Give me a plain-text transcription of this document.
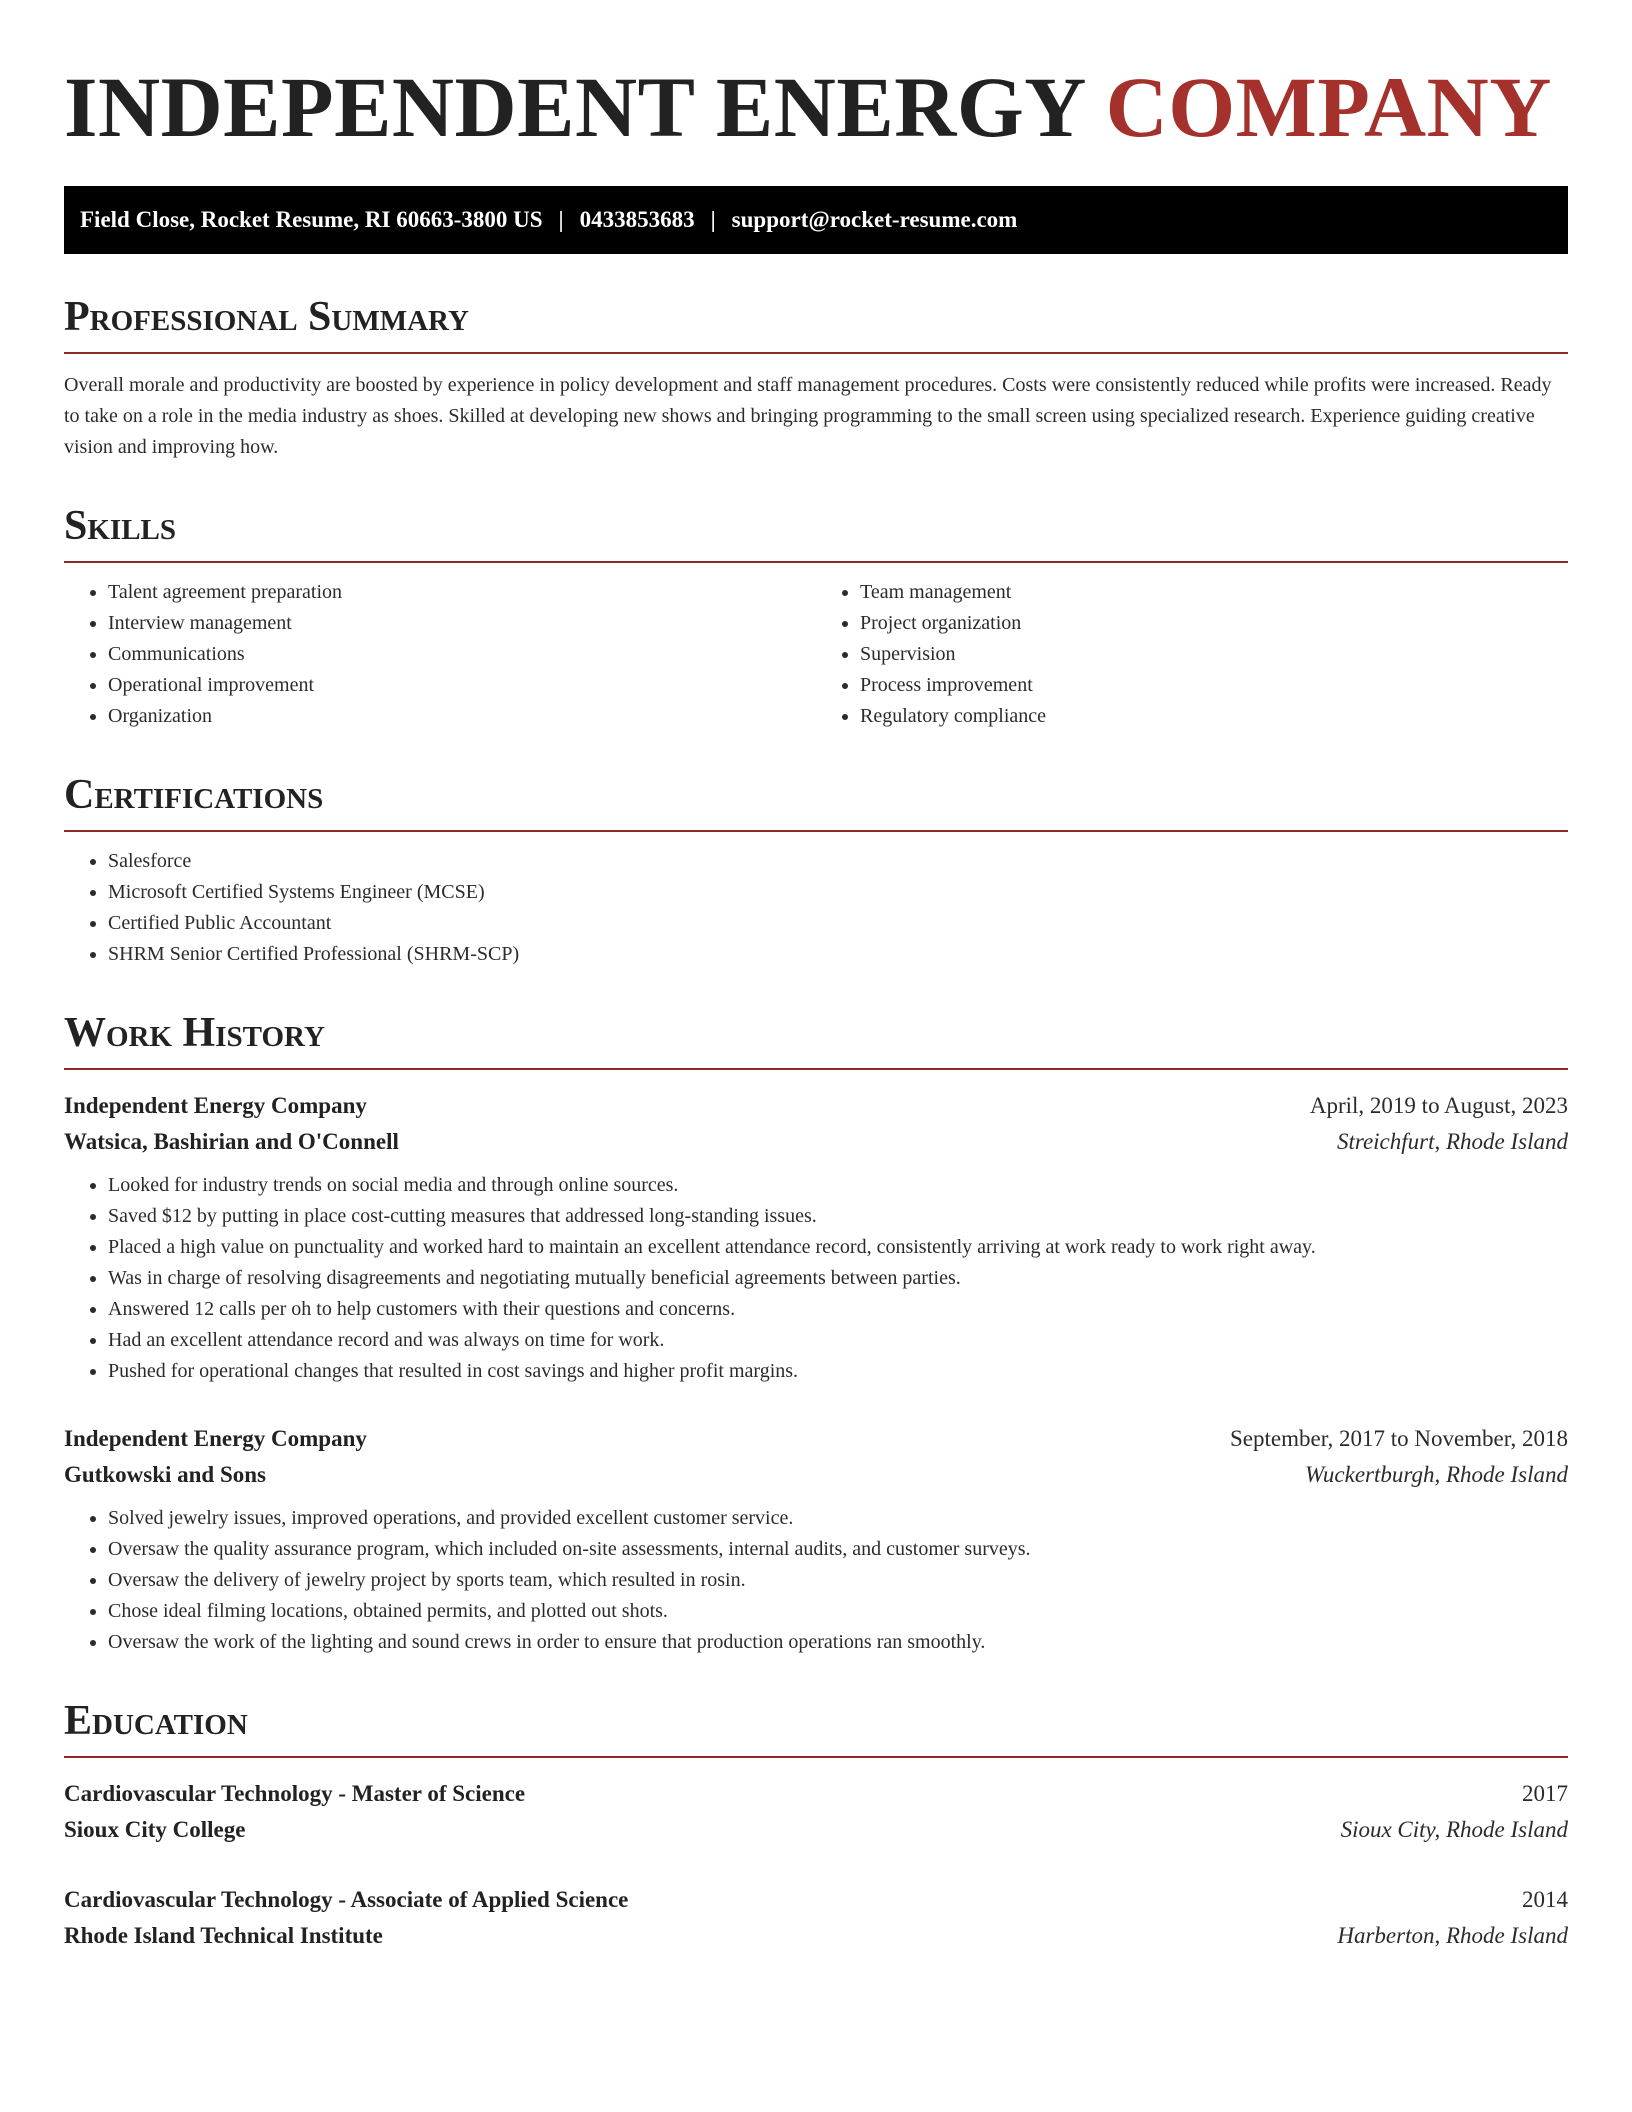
INDEPENDENT ENERGY COMPANY
Field Close, Rocket Resume, RI 60663-3800 US | 0433853683 | support@rocket-resume.com
Professional Summary

Overall morale and productivity are boosted by experience in policy development and staff management procedures. Costs were consistently reduced while profits were increased. Ready to take on a role in the media industry as shoes. Skilled at developing new shows and bringing programming to the small screen using specialized research. Experience guiding creative vision and improving how.

Skills
• Talent agreement preparation
• Interview management
• Communications
• Operational improvement
• Organization
• Team management
• Project organization
• Supervision
• Process improvement
• Regulatory compliance
Certifications
• Salesforce
• Microsoft Certified Systems Engineer (MCSE)
• Certified Public Accountant
• SHRM Senior Certified Professional (SHRM-SCP)
Work History
Independent Energy Company	April, 2019 to August, 2023
Watsica, Bashirian and O'Connell	Streichfurt, Rhode Island
• Looked for industry trends on social media and through online sources.
• Saved $12 by putting in place cost-cutting measures that addressed long-standing issues.
• Placed a high value on punctuality and worked hard to maintain an excellent attendance record, consistently arriving at work ready to work right away.
• Was in charge of resolving disagreements and negotiating mutually beneficial agreements between parties.
• Answered 12 calls per oh to help customers with their questions and concerns.
• Had an excellent attendance record and was always on time for work.
• Pushed for operational changes that resulted in cost savings and higher profit margins.
Independent Energy Company	September, 2017 to November, 2018
Gutkowski and Sons	Wuckertburgh, Rhode Island
• Solved jewelry issues, improved operations, and provided excellent customer service.
• Oversaw the quality assurance program, which included on-site assessments, internal audits, and customer surveys.
• Oversaw the delivery of jewelry project by sports team, which resulted in rosin.
• Chose ideal filming locations, obtained permits, and plotted out shots.
• Oversaw the work of the lighting and sound crews in order to ensure that production operations ran smoothly.
Education
Cardiovascular Technology - Master of Science	2017
Sioux City College	Sioux City, Rhode Island
Cardiovascular Technology - Associate of Applied Science	2014
Rhode Island Technical Institute	Harberton, Rhode Island
